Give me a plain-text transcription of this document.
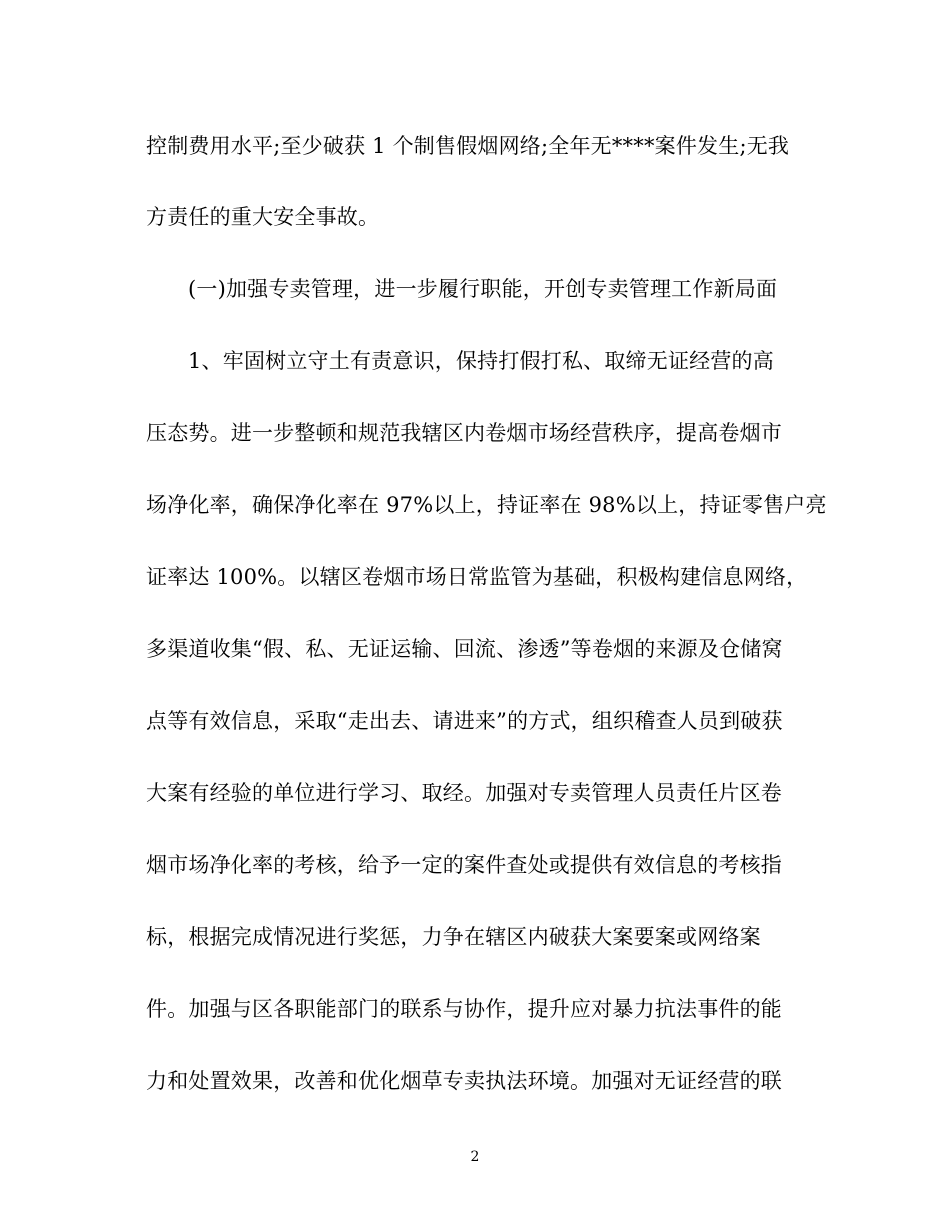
控制费用水平;至少破获 1 个制售假烟网络;全年无****案件发生;无我
方责任的重大安全事故。
(一)加强专卖管理，进一步履行职能，开创专卖管理工作新局面
1、牢固树立守土有责意识，保持打假打私、取缔无证经营的高
压态势。进一步整顿和规范我辖区内卷烟市场经营秩序，提高卷烟市
场净化率，确保净化率在 97%以上，持证率在 98%以上，持证零售户亮
证率达 100%。以辖区卷烟市场日常监管为基础，积极构建信息网络，
多渠道收集“假、私、无证运输、回流、渗透”等卷烟的来源及仓储窝
点等有效信息，采取“走出去、请进来”的方式，组织稽查人员到破获
大案有经验的单位进行学习、取经。加强对专卖管理人员责任片区卷
烟市场净化率的考核，给予一定的案件查处或提供有效信息的考核指
标，根据完成情况进行奖惩，力争在辖区内破获大案要案或网络案
件。加强与区各职能部门的联系与协作，提升应对暴力抗法事件的能
力和处置效果，改善和优化烟草专卖执法环境。加强对无证经营的联
2
